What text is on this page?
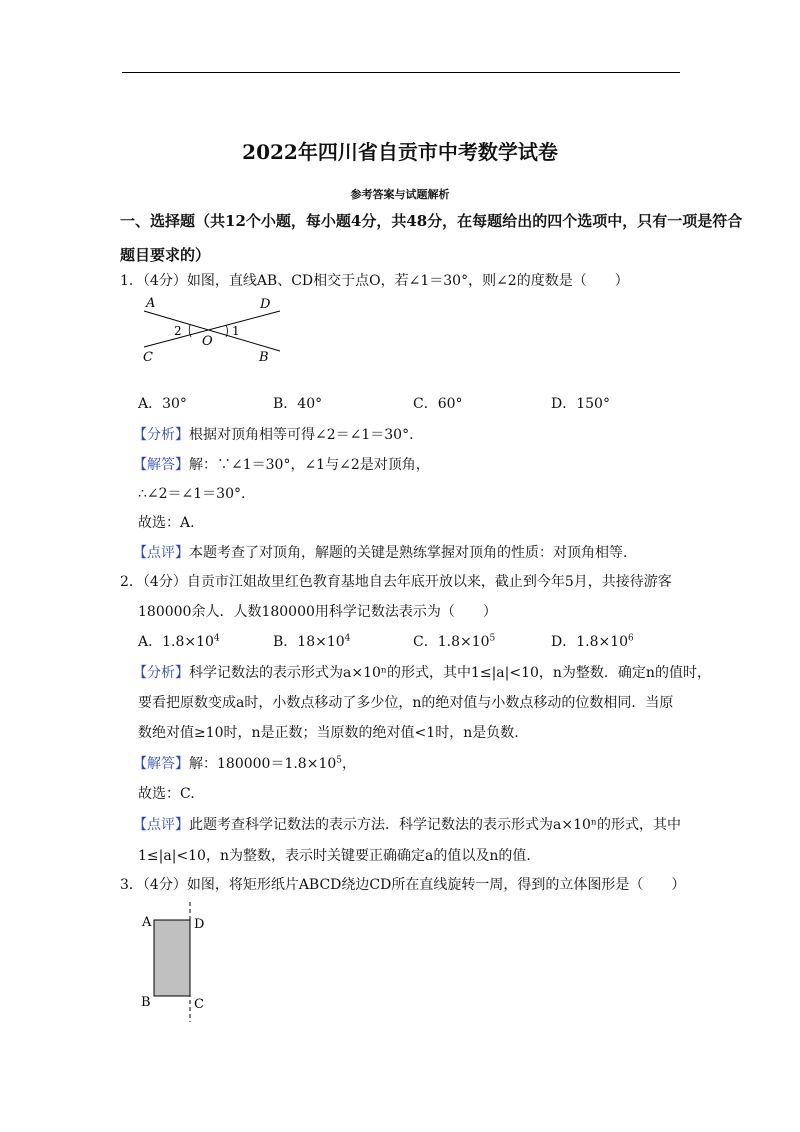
2022年四川省自贡市中考数学试卷
参考答案与试题解析
一、选择题（共12个小题，每小题4分，共48分，在每题给出的四个选项中，只有一项是符合
题目要求的）
1．（4分）如图，直线AB、CD相交于点O，若∠1＝30°，则∠2的度数是（　　）
A	D
C	B
O
2	1
A．30°	B．40°	C．60°	D．150°
【分析】根据对顶角相等可得∠2＝∠1＝30°.
【解答】解：∵∠1＝30°，∠1与∠2是对顶角，
∴∠2＝∠1＝30°.
故选：A.
【点评】本题考查了对顶角，解题的关键是熟练掌握对顶角的性质：对顶角相等.
2．（4分）自贡市江姐故里红色教育基地自去年底开放以来，截止到今年5月，共接待游客
180000余人．人数180000用科学记数法表示为（　　）
A．$1.8\times 10^4$	B．$18\times 10^4$	C．$1.8\times 10^5$	D．$1.8\times 10^6$
【分析】科学记数法的表示形式为a×10ⁿ的形式，其中1≤|a|<10，n为整数．确定n的值时，
要看把原数变成a时，小数点移动了多少位，n的绝对值与小数点移动的位数相同．当原
数绝对值≥10时，n是正数；当原数的绝对值<1时，n是负数.
【解答】解：$180000=1.8\times 10^5$，
故选：C.
【点评】此题考查科学记数法的表示方法．科学记数法的表示形式为a×10ⁿ的形式，其中
1≤|a|<10，n为整数，表示时关键要正确确定a的值以及n的值.
3．（4分）如图，将矩形纸片ABCD绕边CD所在直线旋转一周，得到的立体图形是（　　）
A	D
B	C
